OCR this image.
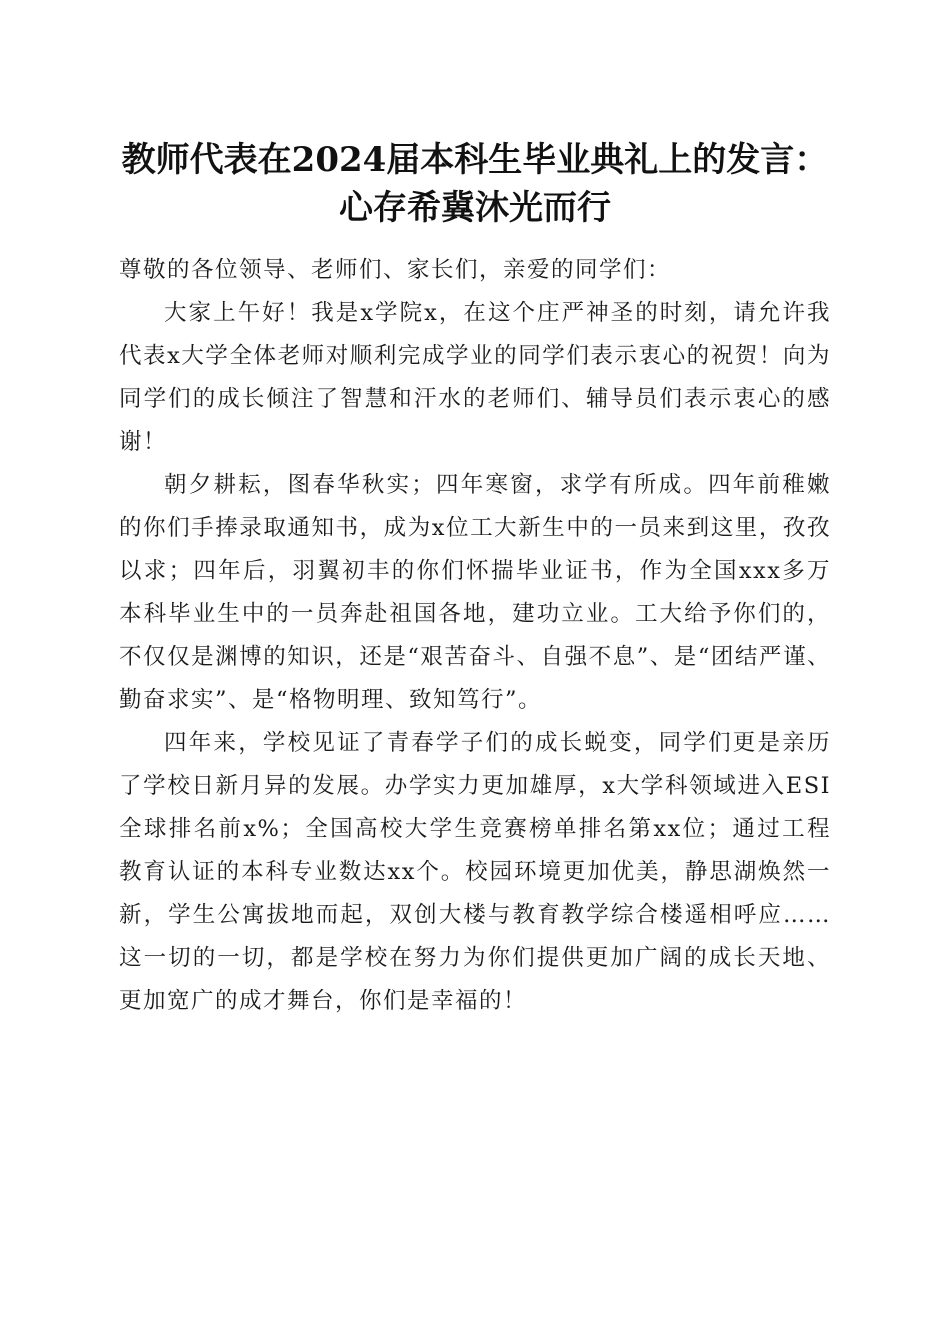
教师代表在2024届本科生毕业典礼上的发言：
心存希冀沐光而行

尊敬的各位领导、老师们、家长们，亲爱的同学们：

大家上午好！我是x学院x，在这个庄严神圣的时刻，请允许我代表x大学全体老师对顺利完成学业的同学们表示衷心的祝贺！向为同学们的成长倾注了智慧和汗水的老师们、辅导员们表示衷心的感谢！

朝夕耕耘，图春华秋实；四年寒窗，求学有所成。四年前稚嫩的你们手捧录取通知书，成为x位工大新生中的一员来到这里，孜孜以求；四年后，羽翼初丰的你们怀揣毕业证书，作为全国xxx多万本科毕业生中的一员奔赴祖国各地，建功立业。工大给予你们的，不仅仅是渊博的知识，还是“艰苦奋斗、自强不息”、是“团结严谨、勤奋求实”、是“格物明理、致知笃行”。

四年来，学校见证了青春学子们的成长蜕变，同学们更是亲历了学校日新月异的发展。办学实力更加雄厚，x大学科领域进入ESI全球排名前x%；全国高校大学生竞赛榜单排名第xx位；通过工程教育认证的本科专业数达xx个。校园环境更加优美，静思湖焕然一新，学生公寓拔地而起，双创大楼与教育教学综合楼遥相呼应……这一切的一切，都是学校在努力为你们提供更加广阔的成长天地、更加宽广的成才舞台，你们是幸福的！
